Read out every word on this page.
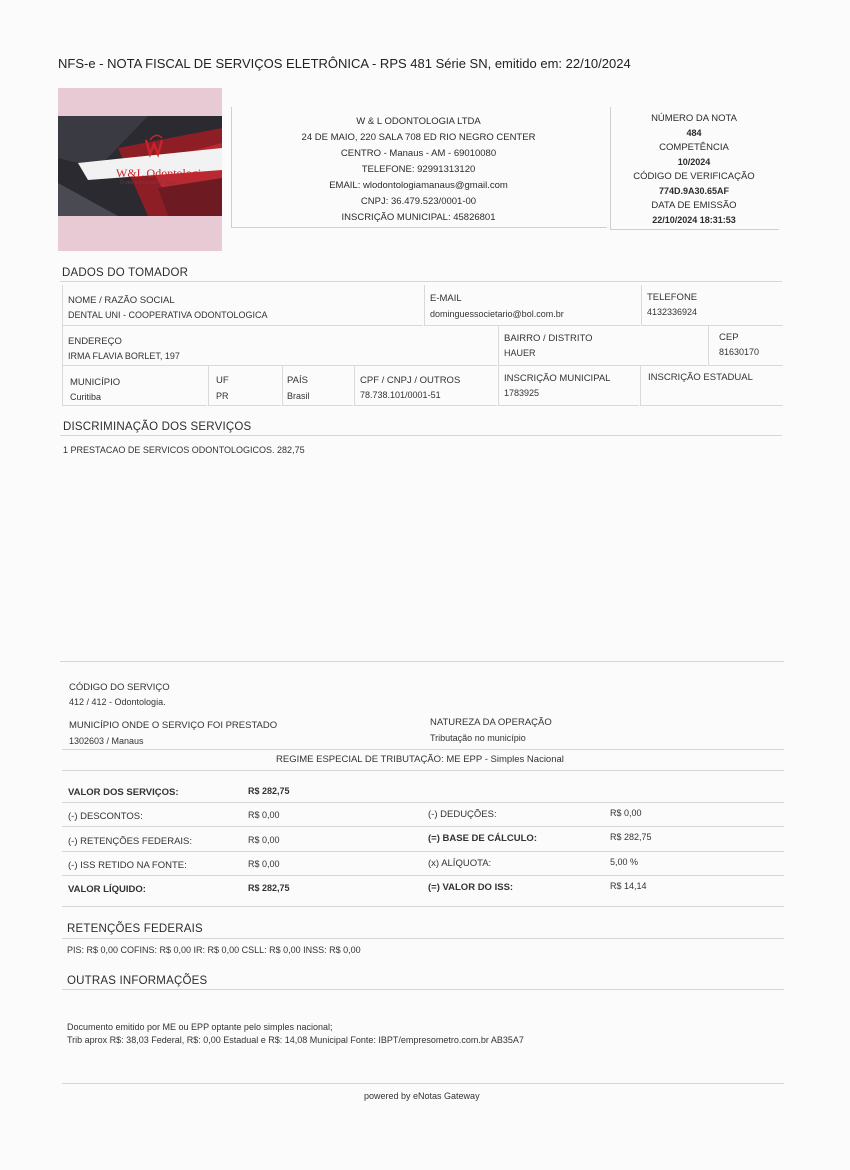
NFS-e - NOTA FISCAL DE SERVIÇOS ELETRÔNICA - RPS 481 Série SN, emitido em: 22/10/2024
W&L Odontologia
O seu sorriso em 1º lugar!
W & L ODONTOLOGIA LTDA
24 DE MAIO, 220 SALA 708 ED RIO NEGRO CENTER
CENTRO - Manaus - AM - 69010080
TELEFONE: 92991313120
EMAIL: wlodontologiamanaus@gmail.com
CNPJ: 36.479.523/0001-00
INSCRIÇÃO MUNICIPAL: 45826801
NÚMERO DA NOTA
484
COMPETÊNCIA
10/2024
CÓDIGO DE VERIFICAÇÃO
774D.9A30.65AF
DATA DE EMISSÃO
22/10/2024 18:31:53
DADOS DO TOMADOR
NOME / RAZÃO SOCIAL
DENTAL UNI - COOPERATIVA ODONTOLOGICA
E-MAIL
dominguessocietario@bol.com.br
TELEFONE
4132336924
ENDEREÇO
IRMA FLAVIA BORLET, 197
BAIRRO / DISTRITO
HAUER
CEP
81630170
MUNICÍPIO
Curitiba
UF
PR
PAÍS
Brasil
CPF / CNPJ / OUTROS
78.738.101/0001-51
INSCRIÇÃO MUNICIPAL
1783925
INSCRIÇÃO ESTADUAL
DISCRIMINAÇÃO DOS SERVIÇOS
1 PRESTACAO DE SERVICOS ODONTOLOGICOS. 282,75
CÓDIGO DO SERVIÇO
412 / 412 - Odontologia.
MUNICÍPIO ONDE O SERVIÇO FOI PRESTADO
1302603 / Manaus
NATUREZA DA OPERAÇÃO
Tributação no município
REGIME ESPECIAL DE TRIBUTAÇÃO: ME EPP - Simples Nacional
VALOR DOS SERVIÇOS:	R$ 282,75
(-) DESCONTOS:	R$ 0,00	(-) DEDUÇÕES:	R$ 0,00
(-) RETENÇÕES FEDERAIS:	R$ 0,00	(=) BASE DE CÁLCULO:	R$ 282,75
(-) ISS RETIDO NA FONTE:	R$ 0,00	(x) ALÍQUOTA:	5,00 %
VALOR LÍQUIDO:	R$ 282,75	(=) VALOR DO ISS:	R$ 14,14
RETENÇÕES FEDERAIS
PIS: R$ 0,00 COFINS: R$ 0,00 IR: R$ 0,00 CSLL: R$ 0,00 INSS: R$ 0,00
OUTRAS INFORMAÇÕES
Documento emitido por ME ou EPP optante pelo simples nacional;
Trib aprox R$: 38,03 Federal, R$: 0,00 Estadual e R$: 14,08 Municipal Fonte: IBPT/empresometro.com.br AB35A7
powered by eNotas Gateway
